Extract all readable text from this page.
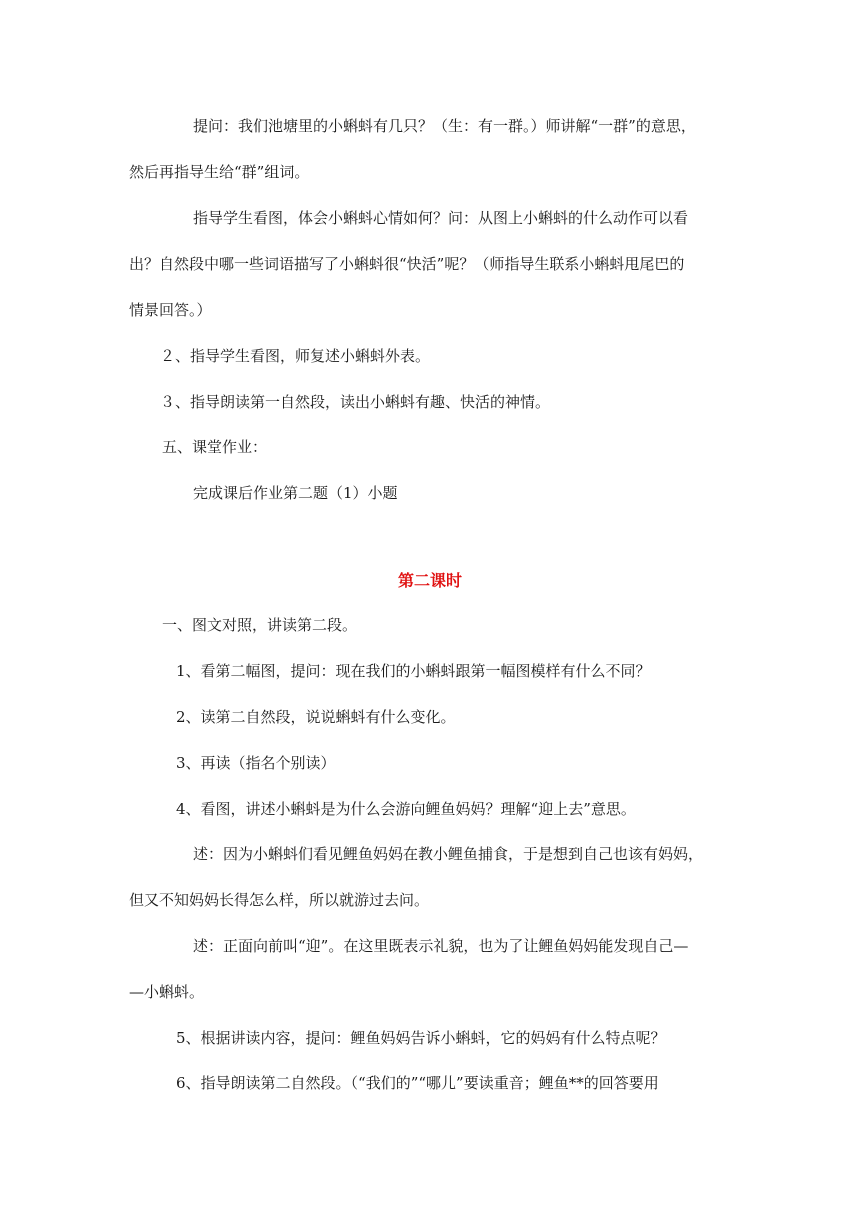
提问：我们池塘里的小蝌蚪有几只？（生：有一群。）师讲解“一群”的意思，
然后再指导生给“群”组词。
指导学生看图，体会小蝌蚪心情如何？问：从图上小蝌蚪的什么动作可以看
出？自然段中哪一些词语描写了小蝌蚪很“快活”呢？（师指导生联系小蝌蚪甩尾巴的
情景回答。）
２、指导学生看图，师复述小蝌蚪外表。
３、指导朗读第一自然段，读出小蝌蚪有趣、快活的神情。
五、课堂作业：
完成课后作业第二题（1）小题
第二课时
一、图文对照，讲读第二段。
1、看第二幅图，提问：现在我们的小蝌蚪跟第一幅图模样有什么不同？
2、读第二自然段，说说蝌蚪有什么变化。
3、再读（指名个别读）
4、看图，讲述小蝌蚪是为什么会游向鲤鱼妈妈？理解“迎上去”意思。
述：因为小蝌蚪们看见鲤鱼妈妈在教小鲤鱼捕食，于是想到自己也该有妈妈，
但又不知妈妈长得怎么样，所以就游过去问。
述：正面向前叫“迎”。在这里既表示礼貌，也为了让鲤鱼妈妈能发现自己—
—小蝌蚪。
5、根据讲读内容，提问：鲤鱼妈妈告诉小蝌蚪，它的妈妈有什么特点呢？
6、指导朗读第二自然段。（“我们的”“哪儿”要读重音；鲤鱼**的回答要用
